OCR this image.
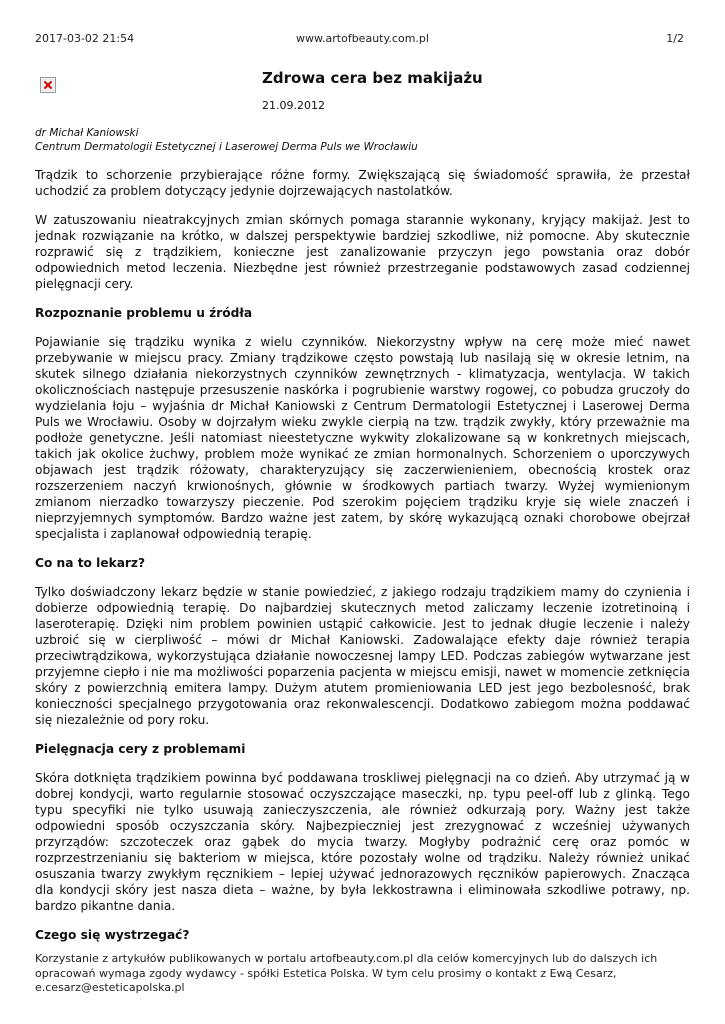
2017-03-02 21:54	www.artofbeauty.com.pl	1/2
Zdrowa cera bez makijażu
21.09.2012
dr Michał Kaniowski
Centrum Dermatologii Estetycznej i Laserowej Derma Puls we Wrocławiu

Trądzik to schorzenie przybierające różne formy. Zwiększającą się świadomość sprawiła, że przestał uchodzić za problem dotyczący jedynie dojrzewających nastolatków.

W zatuszowaniu nieatrakcyjnych zmian skórnych pomaga starannie wykonany, kryjący makijaż. Jest to jednak rozwiązanie na krótko, w dalszej perspektywie bardziej szkodliwe, niż pomocne. Aby skutecznie rozprawić się z trądzikiem, konieczne jest zanalizowanie przyczyn jego powstania oraz dobór odpowiednich metod leczenia. Niezbędne jest również przestrzeganie podstawowych zasad codziennej pielęgnacji cery.

Rozpoznanie problemu u źródła

Pojawianie się trądziku wynika z wielu czynników. Niekorzystny wpływ na cerę może mieć nawet przebywanie w miejscu pracy. Zmiany trądzikowe często powstają lub nasilają się w okresie letnim, na skutek silnego działania niekorzystnych czynników zewnętrznych - klimatyzacja, wentylacja. W takich okolicznościach następuje przesuszenie naskórka i pogrubienie warstwy rogowej, co pobudza gruczoły do wydzielania łoju – wyjaśnia dr Michał Kaniowski z Centrum Dermatologii Estetycznej i Laserowej Derma Puls we Wrocławiu. Osoby w dojrzałym wieku zwykle cierpią na tzw. trądzik zwykły, który przeważnie ma podłoże genetyczne. Jeśli natomiast nieestetyczne wykwity zlokalizowane są w konkretnych miejscach, takich jak okolice żuchwy, problem może wynikać ze zmian hormonalnych. Schorzeniem o uporczywych objawach jest trądzik różowaty, charakteryzujący się zaczerwienieniem, obecnością krostek oraz rozszerzeniem naczyń krwionośnych, głównie w środkowych partiach twarzy. Wyżej wymienionym zmianom nierzadko towarzyszy pieczenie. Pod szerokim pojęciem trądziku kryje się wiele znaczeń i nieprzyjemnych symptomów. Bardzo ważne jest zatem, by skórę wykazującą oznaki chorobowe obejrzał specjalista i zaplanował odpowiednią terapię.

Co na to lekarz?

Tylko doświadczony lekarz będzie w stanie powiedzieć, z jakiego rodzaju trądzikiem mamy do czynienia i dobierze odpowiednią terapię. Do najbardziej skutecznych metod zaliczamy leczenie izotretinoiną i laseroterapię. Dzięki nim problem powinien ustąpić całkowicie. Jest to jednak długie leczenie i należy uzbroić się w cierpliwość – mówi dr Michał Kaniowski. Zadowalające efekty daje również terapia przeciwtrądzikowa, wykorzystująca działanie nowoczesnej lampy LED. Podczas zabiegów wytwarzane jest przyjemne ciepło i nie ma możliwości poparzenia pacjenta w miejscu emisji, nawet w momencie zetknięcia skóry z powierzchnią emitera lampy. Dużym atutem promieniowania LED jest jego bezbolesność, brak konieczności specjalnego przygotowania oraz rekonwalescencji. Dodatkowo zabiegom można poddawać się niezależnie od pory roku.

Pielęgnacja cery z problemami

Skóra dotknięta trądzikiem powinna być poddawana troskliwej pielęgnacji na co dzień. Aby utrzymać ją w dobrej kondycji, warto regularnie stosować oczyszczające maseczki, np. typu peel-off lub z glinką. Tego typu specyfiki nie tylko usuwają zanieczyszczenia, ale również odkurzają pory. Ważny jest także odpowiedni sposób oczyszczania skóry. Najbezpieczniej jest zrezygnować z wcześniej używanych przyrządów: szczoteczek oraz gąbek do mycia twarzy. Mogłyby podrażnić cerę oraz pomóc w rozprzestrzenianiu się bakteriom w miejsca, które pozostały wolne od trądziku. Należy również unikać osuszania twarzy zwykłym ręcznikiem – lepiej używać jednorazowych ręczników papierowych. Znacząca dla kondycji skóry jest nasza dieta – ważne, by była lekkostrawna i eliminowała szkodliwe potrawy, np. bardzo pikantne dania.

Czego się wystrzegać?

Korzystanie z artykułów publikowanych w portalu artofbeauty.com.pl dla celów komercyjnych lub do dalszych ich opracowań wymaga zgody wydawcy - spółki Estetica Polska. W tym celu prosimy o kontakt z Ewą Cesarz, e.cesarz@esteticapolska.pl
